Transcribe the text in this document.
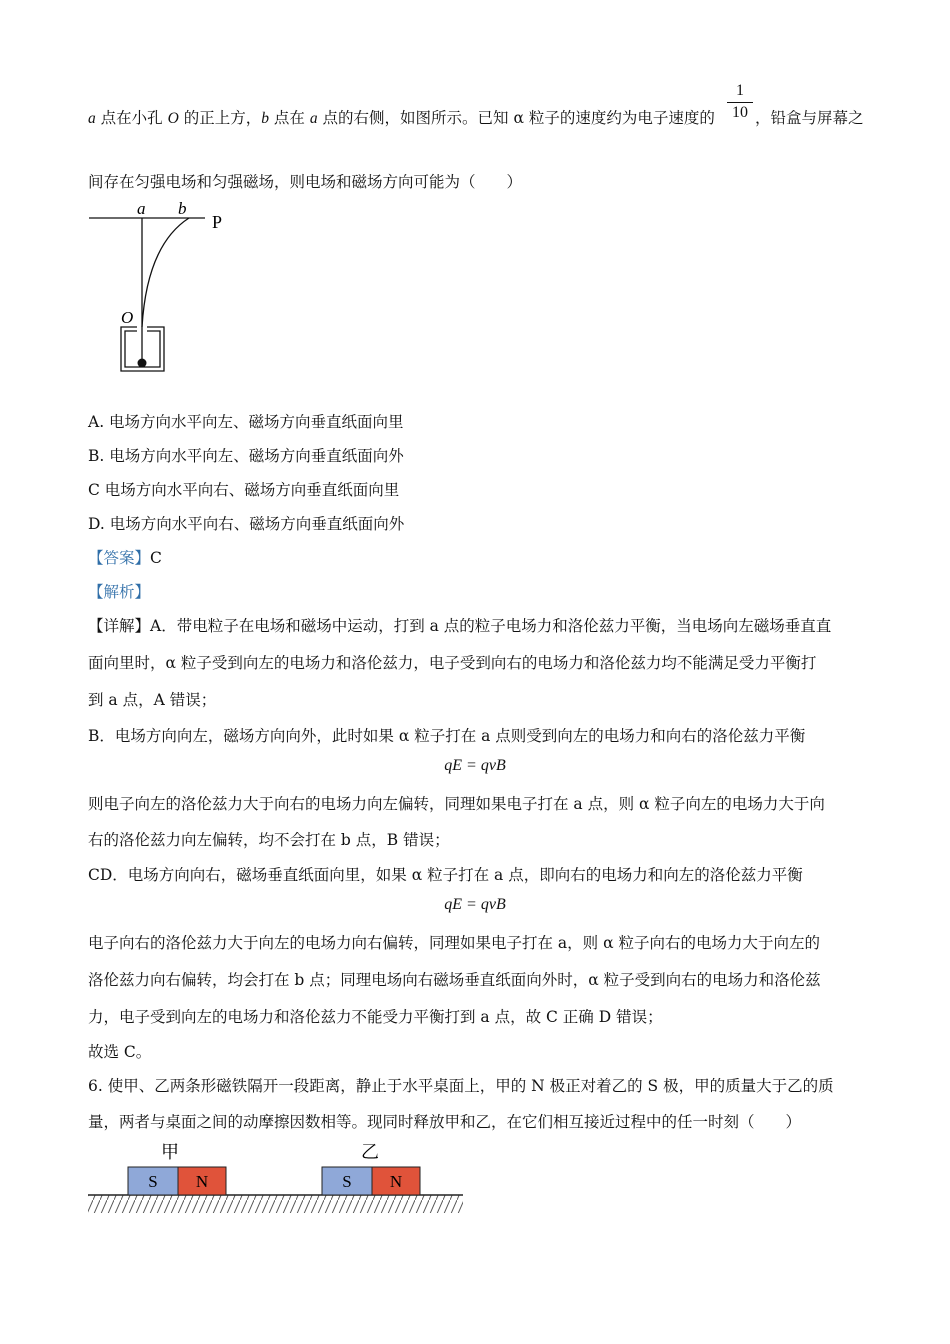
a 点在小孔 O 的正上方，b 点在 a 点的右侧，如图所示。已知 α 粒子的速度约为电子速度的
1
10 ，铅盒与屏幕之
间存在匀强电场和匀强磁场，则电场和磁场方向可能为（　　）
a b
P
O
A. 电场方向水平向左、磁场方向垂直纸面向里
B. 电场方向水平向左、磁场方向垂直纸面向外
C 电场方向水平向右、磁场方向垂直纸面向里
D. 电场方向水平向右、磁场方向垂直纸面向外
【答案】C
【解析】
【详解】A．带电粒子在电场和磁场中运动，打到 a 点的粒子电场力和洛伦兹力平衡，当电场向左磁场垂直直
面向里时，α 粒子受到向左的电场力和洛伦兹力，电子受到向右的电场力和洛伦兹力均不能满足受力平衡打
到 a 点，A 错误；
B．电场方向向左，磁场方向向外，此时如果 α 粒子打在 a 点则受到向左的电场力和向右的洛伦兹力平衡
qE = qvB
则电子向左的洛伦兹力大于向右的电场力向左偏转，同理如果电子打在 a 点，则 α 粒子向左的电场力大于向
右的洛伦兹力向左偏转，均不会打在 b 点，B 错误；
CD．电场方向向右，磁场垂直纸面向里，如果 α 粒子打在 a 点，即向右的电场力和向左的洛伦兹力平衡
qE = qvB
电子向右的洛伦兹力大于向左的电场力向右偏转，同理如果电子打在 a，则 α 粒子向右的电场力大于向左的
洛伦兹力向右偏转，均会打在 b 点；同理电场向右磁场垂直纸面向外时，α 粒子受到向右的电场力和洛伦兹
力，电子受到向左的电场力和洛伦兹力不能受力平衡打到 a 点，故 C 正确 D 错误；
故选 C。
6. 使甲、乙两条形磁铁隔开一段距离，静止于水平桌面上，甲的 N 极正对着乙的 S 极，甲的质量大于乙的质
量，两者与桌面之间的动摩擦因数相等。现同时释放甲和乙，在它们相互接近过程中的任一时刻（　　）
甲
S N
乙
S N
